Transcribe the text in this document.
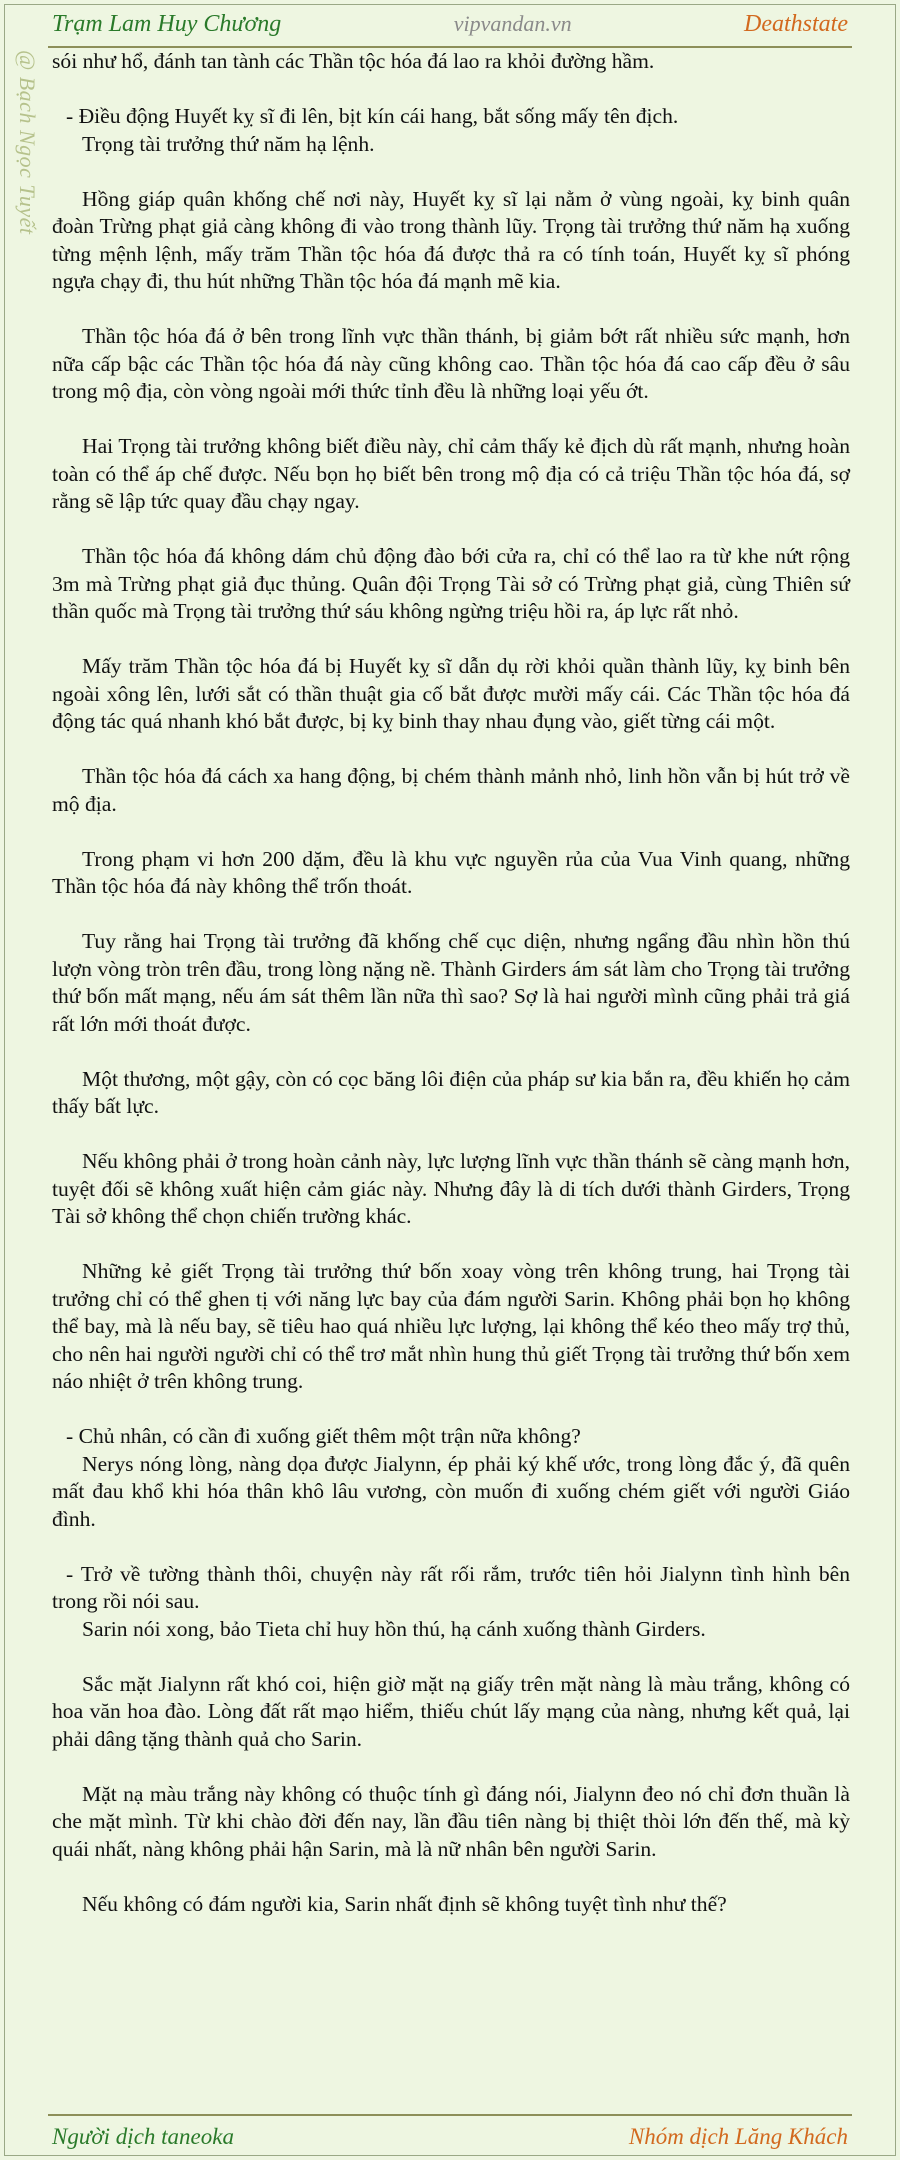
Trạm Lam Huy Chương	vipvandan.vn	Deathstate
@ Bạch Ngọc Tuyết sói như hổ, đánh tan tành các Thần tộc hóa đá lao ra khỏi đường hầm.

- Điều động Huyết kỵ sĩ đi lên, bịt kín cái hang, bắt sống mấy tên địch.

Trọng tài trưởng thứ năm hạ lệnh.

Hồng giáp quân khống chế nơi này, Huyết kỵ sĩ lại nằm ở vùng ngoài, kỵ binh quân đoàn Trừng phạt giả càng không đi vào trong thành lũy. Trọng tài trưởng thứ năm hạ xuống từng mệnh lệnh, mấy trăm Thần tộc hóa đá được thả ra có tính toán, Huyết kỵ sĩ phóng ngựa chạy đi, thu hút những Thần tộc hóa đá mạnh mẽ kia.

Thần tộc hóa đá ở bên trong lĩnh vực thần thánh, bị giảm bớt rất nhiều sức mạnh, hơn nữa cấp bậc các Thần tộc hóa đá này cũng không cao. Thần tộc hóa đá cao cấp đều ở sâu trong mộ địa, còn vòng ngoài mới thức tỉnh đều là những loại yếu ớt.

Hai Trọng tài trưởng không biết điều này, chỉ cảm thấy kẻ địch dù rất mạnh, nhưng hoàn toàn có thể áp chế được. Nếu bọn họ biết bên trong mộ địa có cả triệu Thần tộc hóa đá, sợ rằng sẽ lập tức quay đầu chạy ngay.

Thần tộc hóa đá không dám chủ động đào bới cửa ra, chỉ có thể lao ra từ khe nứt rộng 3m mà Trừng phạt giả đục thủng. Quân đội Trọng Tài sở có Trừng phạt giả, cùng Thiên sứ thần quốc mà Trọng tài trưởng thứ sáu không ngừng triệu hồi ra, áp lực rất nhỏ.

Mấy trăm Thần tộc hóa đá bị Huyết kỵ sĩ dẫn dụ rời khỏi quần thành lũy, kỵ binh bên ngoài xông lên, lưới sắt có thần thuật gia cố bắt được mười mấy cái. Các Thần tộc hóa đá động tác quá nhanh khó bắt được, bị kỵ binh thay nhau đụng vào, giết từng cái một.

Thần tộc hóa đá cách xa hang động, bị chém thành mảnh nhỏ, linh hồn vẫn bị hút trở về mộ địa.

Trong phạm vi hơn 200 dặm, đều là khu vực nguyền rủa của Vua Vinh quang, những Thần tộc hóa đá này không thể trốn thoát.

Tuy rằng hai Trọng tài trưởng đã khống chế cục diện, nhưng ngẩng đầu nhìn hồn thú lượn vòng tròn trên đầu, trong lòng nặng nề. Thành Girders ám sát làm cho Trọng tài trưởng thứ bốn mất mạng, nếu ám sát thêm lần nữa thì sao? Sợ là hai người mình cũng phải trả giá rất lớn mới thoát được.

Một thương, một gậy, còn có cọc băng lôi điện của pháp sư kia bắn ra, đều khiến họ cảm thấy bất lực.

Nếu không phải ở trong hoàn cảnh này, lực lượng lĩnh vực thần thánh sẽ càng mạnh hơn, tuyệt đối sẽ không xuất hiện cảm giác này. Nhưng đây là di tích dưới thành Girders, Trọng Tài sở không thể chọn chiến trường khác.

Những kẻ giết Trọng tài trưởng thứ bốn xoay vòng trên không trung, hai Trọng tài trưởng chỉ có thể ghen tị với năng lực bay của đám người Sarin. Không phải bọn họ không thể bay, mà là nếu bay, sẽ tiêu hao quá nhiều lực lượng, lại không thể kéo theo mấy trợ thủ, cho nên hai người người chỉ có thể trơ mắt nhìn hung thủ giết Trọng tài trưởng thứ bốn xem náo nhiệt ở trên không trung.

- Chủ nhân, có cần đi xuống giết thêm một trận nữa không?

Nerys nóng lòng, nàng dọa được Jialynn, ép phải ký khế ước, trong lòng đắc ý, đã quên mất đau khổ khi hóa thân khô lâu vương, còn muốn đi xuống chém giết với người Giáo đình.

- Trở về tường thành thôi, chuyện này rất rối rắm, trước tiên hỏi Jialynn tình hình bên trong rồi nói sau.

Sarin nói xong, bảo Tieta chỉ huy hồn thú, hạ cánh xuống thành Girders.

Sắc mặt Jialynn rất khó coi, hiện giờ mặt nạ giấy trên mặt nàng là màu trắng, không có hoa văn hoa đào. Lòng đất rất mạo hiểm, thiếu chút lấy mạng của nàng, nhưng kết quả, lại phải dâng tặng thành quả cho Sarin.

Mặt nạ màu trắng này không có thuộc tính gì đáng nói, Jialynn đeo nó chỉ đơn thuần là che mặt mình. Từ khi chào đời đến nay, lần đầu tiên nàng bị thiệt thòi lớn đến thế, mà kỳ quái nhất, nàng không phải hận Sarin, mà là nữ nhân bên người Sarin.

Nếu không có đám người kia, Sarin nhất định sẽ không tuyệt tình như thế?

Người dịch taneoka	Nhóm dịch Lăng Khách
